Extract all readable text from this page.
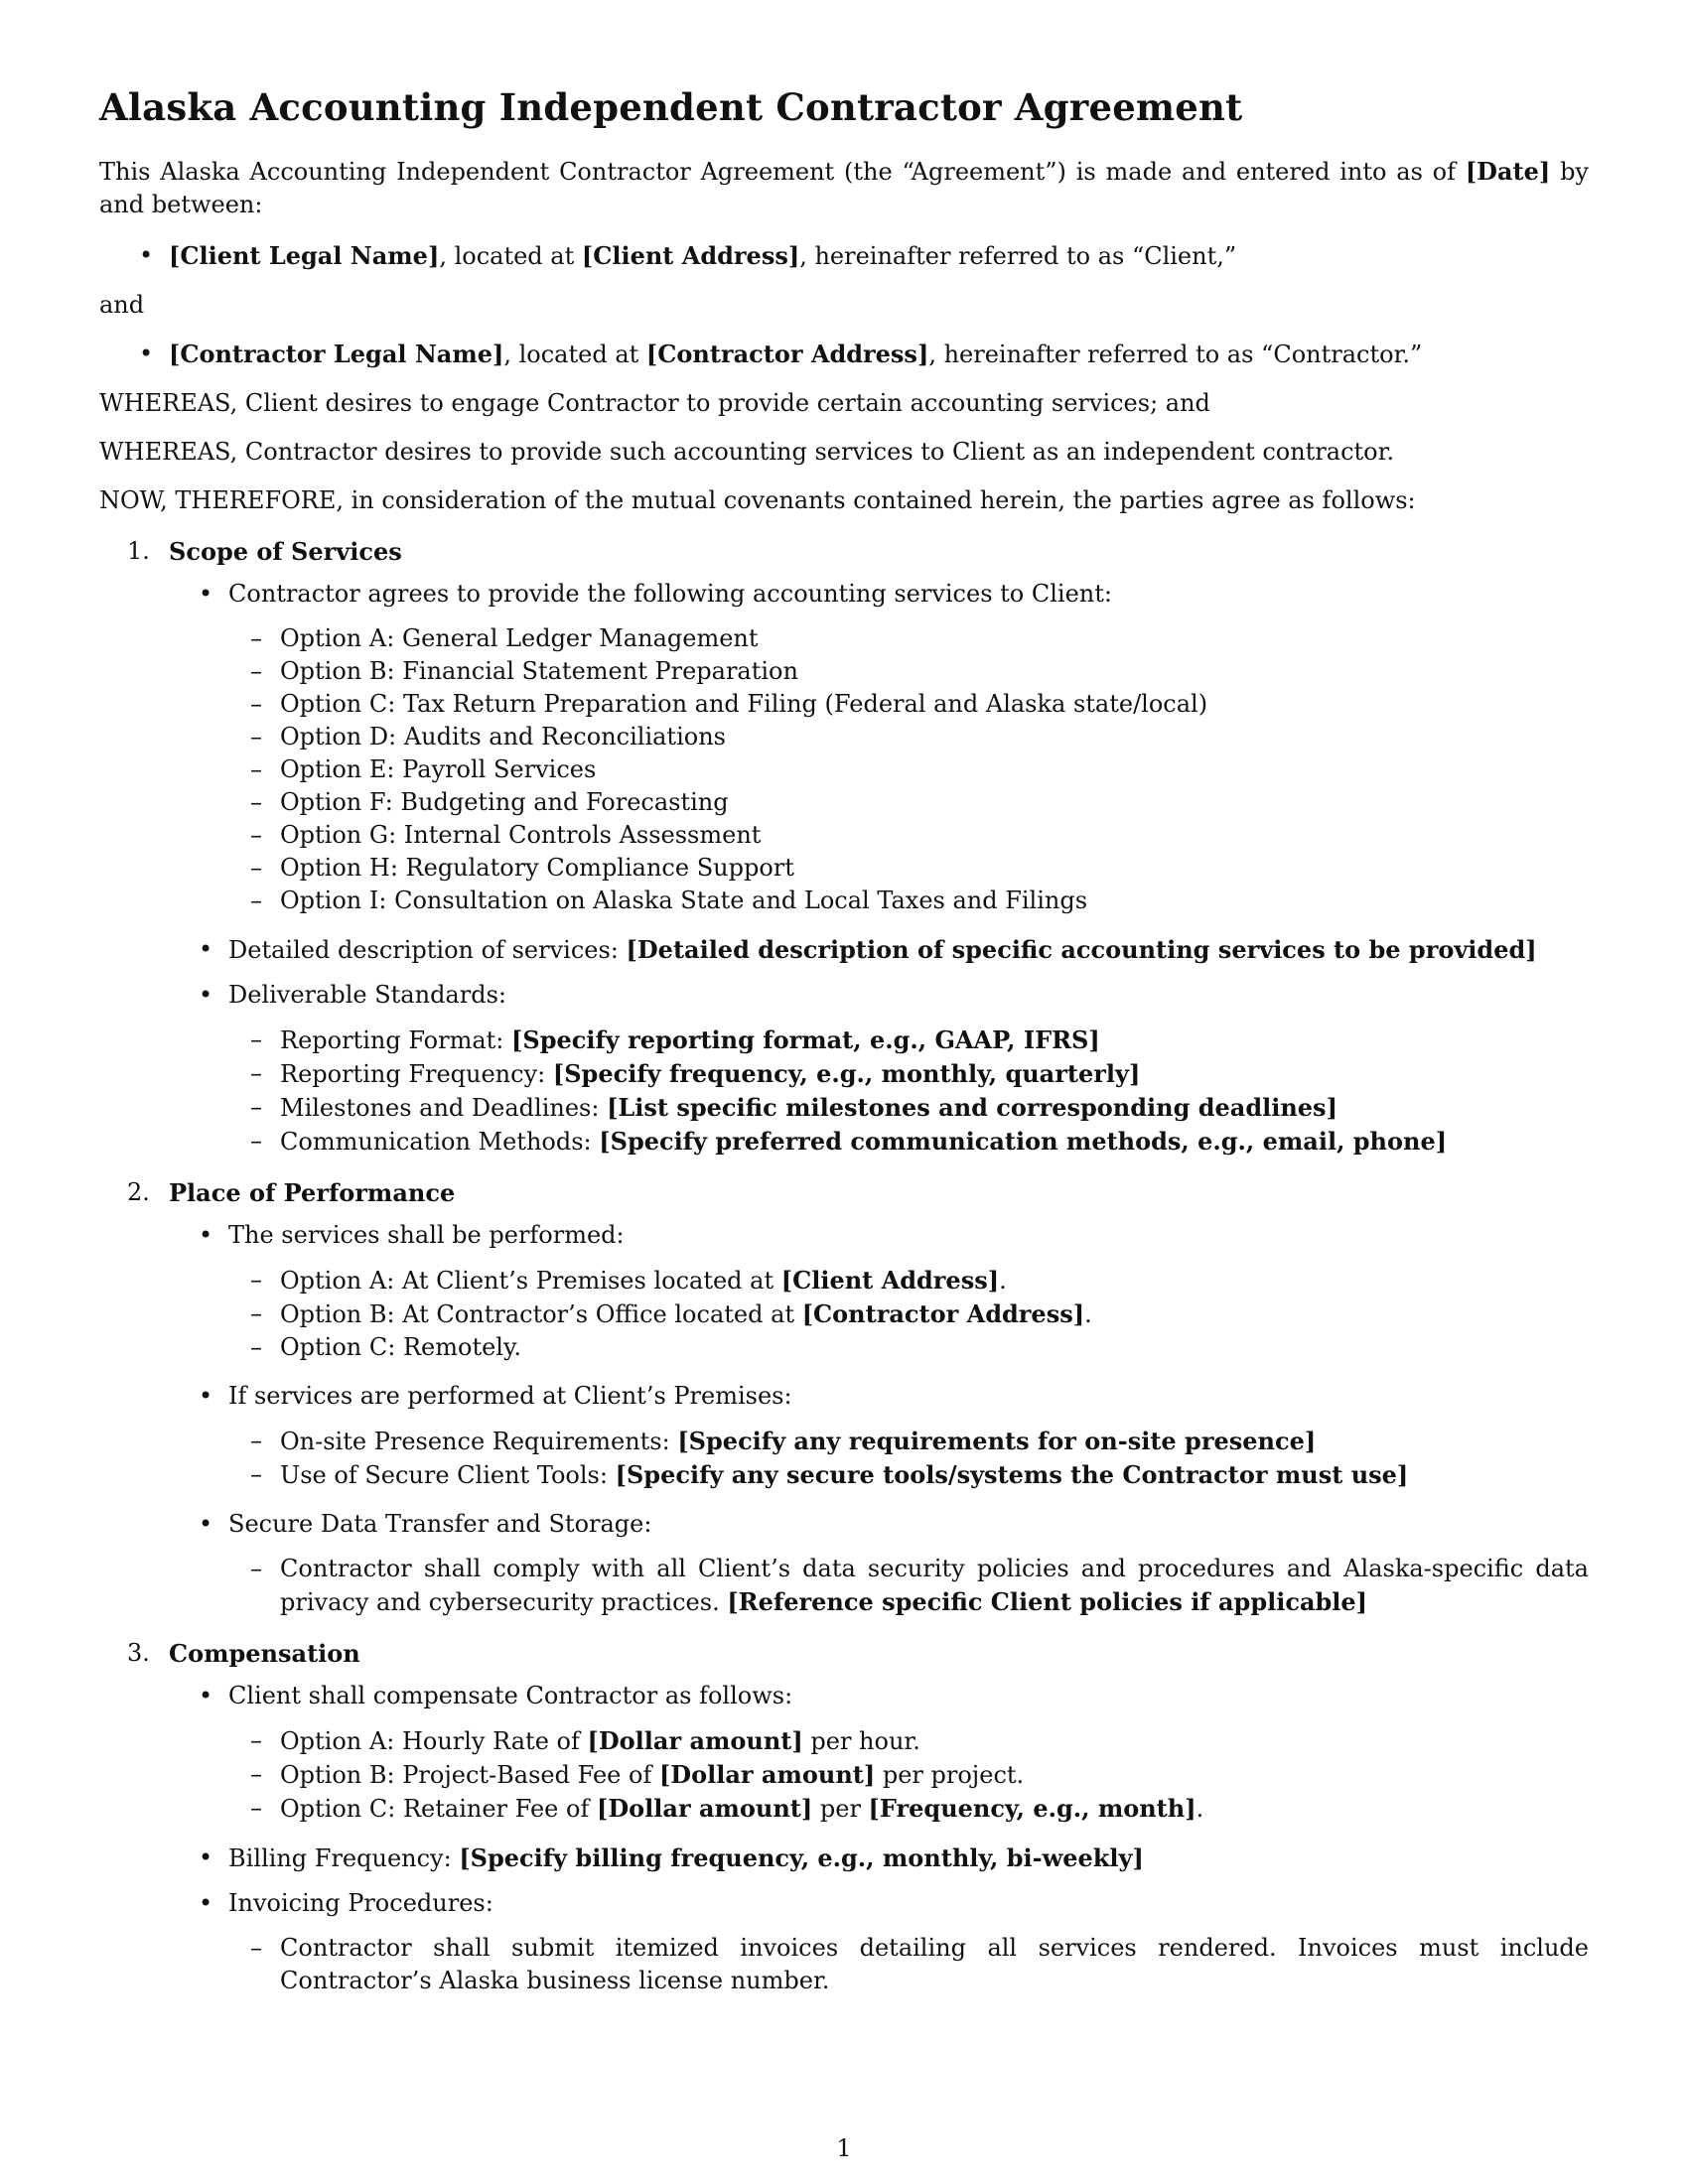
Alaska Accounting Independent Contractor Agreement

This Alaska Accounting Independent Contractor Agreement (the “Agreement”) is made and entered into as of [Date] by and between:

• [Client Legal Name], located at [Client Address], hereinafter referred to as “Client,”

and

• [Contractor Legal Name], located at [Contractor Address], hereinafter referred to as “Contractor.”

WHEREAS, Client desires to engage Contractor to provide certain accounting services; and

WHEREAS, Contractor desires to provide such accounting services to Client as an independent contractor.

NOW, THEREFORE, in consideration of the mutual covenants contained herein, the parties agree as follows:

1. Scope of Services
• Contractor agrees to provide the following accounting services to Client:
– Option A: General Ledger Management
– Option B: Financial Statement Preparation
– Option C: Tax Return Preparation and Filing (Federal and Alaska state/local)
– Option D: Audits and Reconciliations
– Option E: Payroll Services
– Option F: Budgeting and Forecasting
– Option G: Internal Controls Assessment
– Option H: Regulatory Compliance Support
– Option I: Consultation on Alaska State and Local Taxes and Filings
• Detailed description of services: [Detailed description of specific accounting services to be provided]
• Deliverable Standards:
– Reporting Format: [Specify reporting format, e.g., GAAP, IFRS]
– Reporting Frequency: [Specify frequency, e.g., monthly, quarterly]
– Milestones and Deadlines: [List specific milestones and corresponding deadlines]
– Communication Methods: [Specify preferred communication methods, e.g., email, phone]
2. Place of Performance
• The services shall be performed:
– Option A: At Client’s Premises located at [Client Address].
– Option B: At Contractor’s Office located at [Contractor Address].
– Option C: Remotely.
• If services are performed at Client’s Premises:
– On-site Presence Requirements: [Specify any requirements for on-site presence]
– Use of Secure Client Tools: [Specify any secure tools/systems the Contractor must use]
• Secure Data Transfer and Storage:
– Contractor shall comply with all Client’s data security policies and procedures and Alaska-specific data privacy and cybersecurity practices. [Reference specific Client policies if applicable]
3. Compensation
• Client shall compensate Contractor as follows:
– Option A: Hourly Rate of [Dollar amount] per hour.
– Option B: Project-Based Fee of [Dollar amount] per project.
– Option C: Retainer Fee of [Dollar amount] per [Frequency, e.g., month].
• Billing Frequency: [Specify billing frequency, e.g., monthly, bi-weekly]
• Invoicing Procedures:
– Contractor shall submit itemized invoices detailing all services rendered. Invoices must include Contractor’s Alaska business license number.
1
